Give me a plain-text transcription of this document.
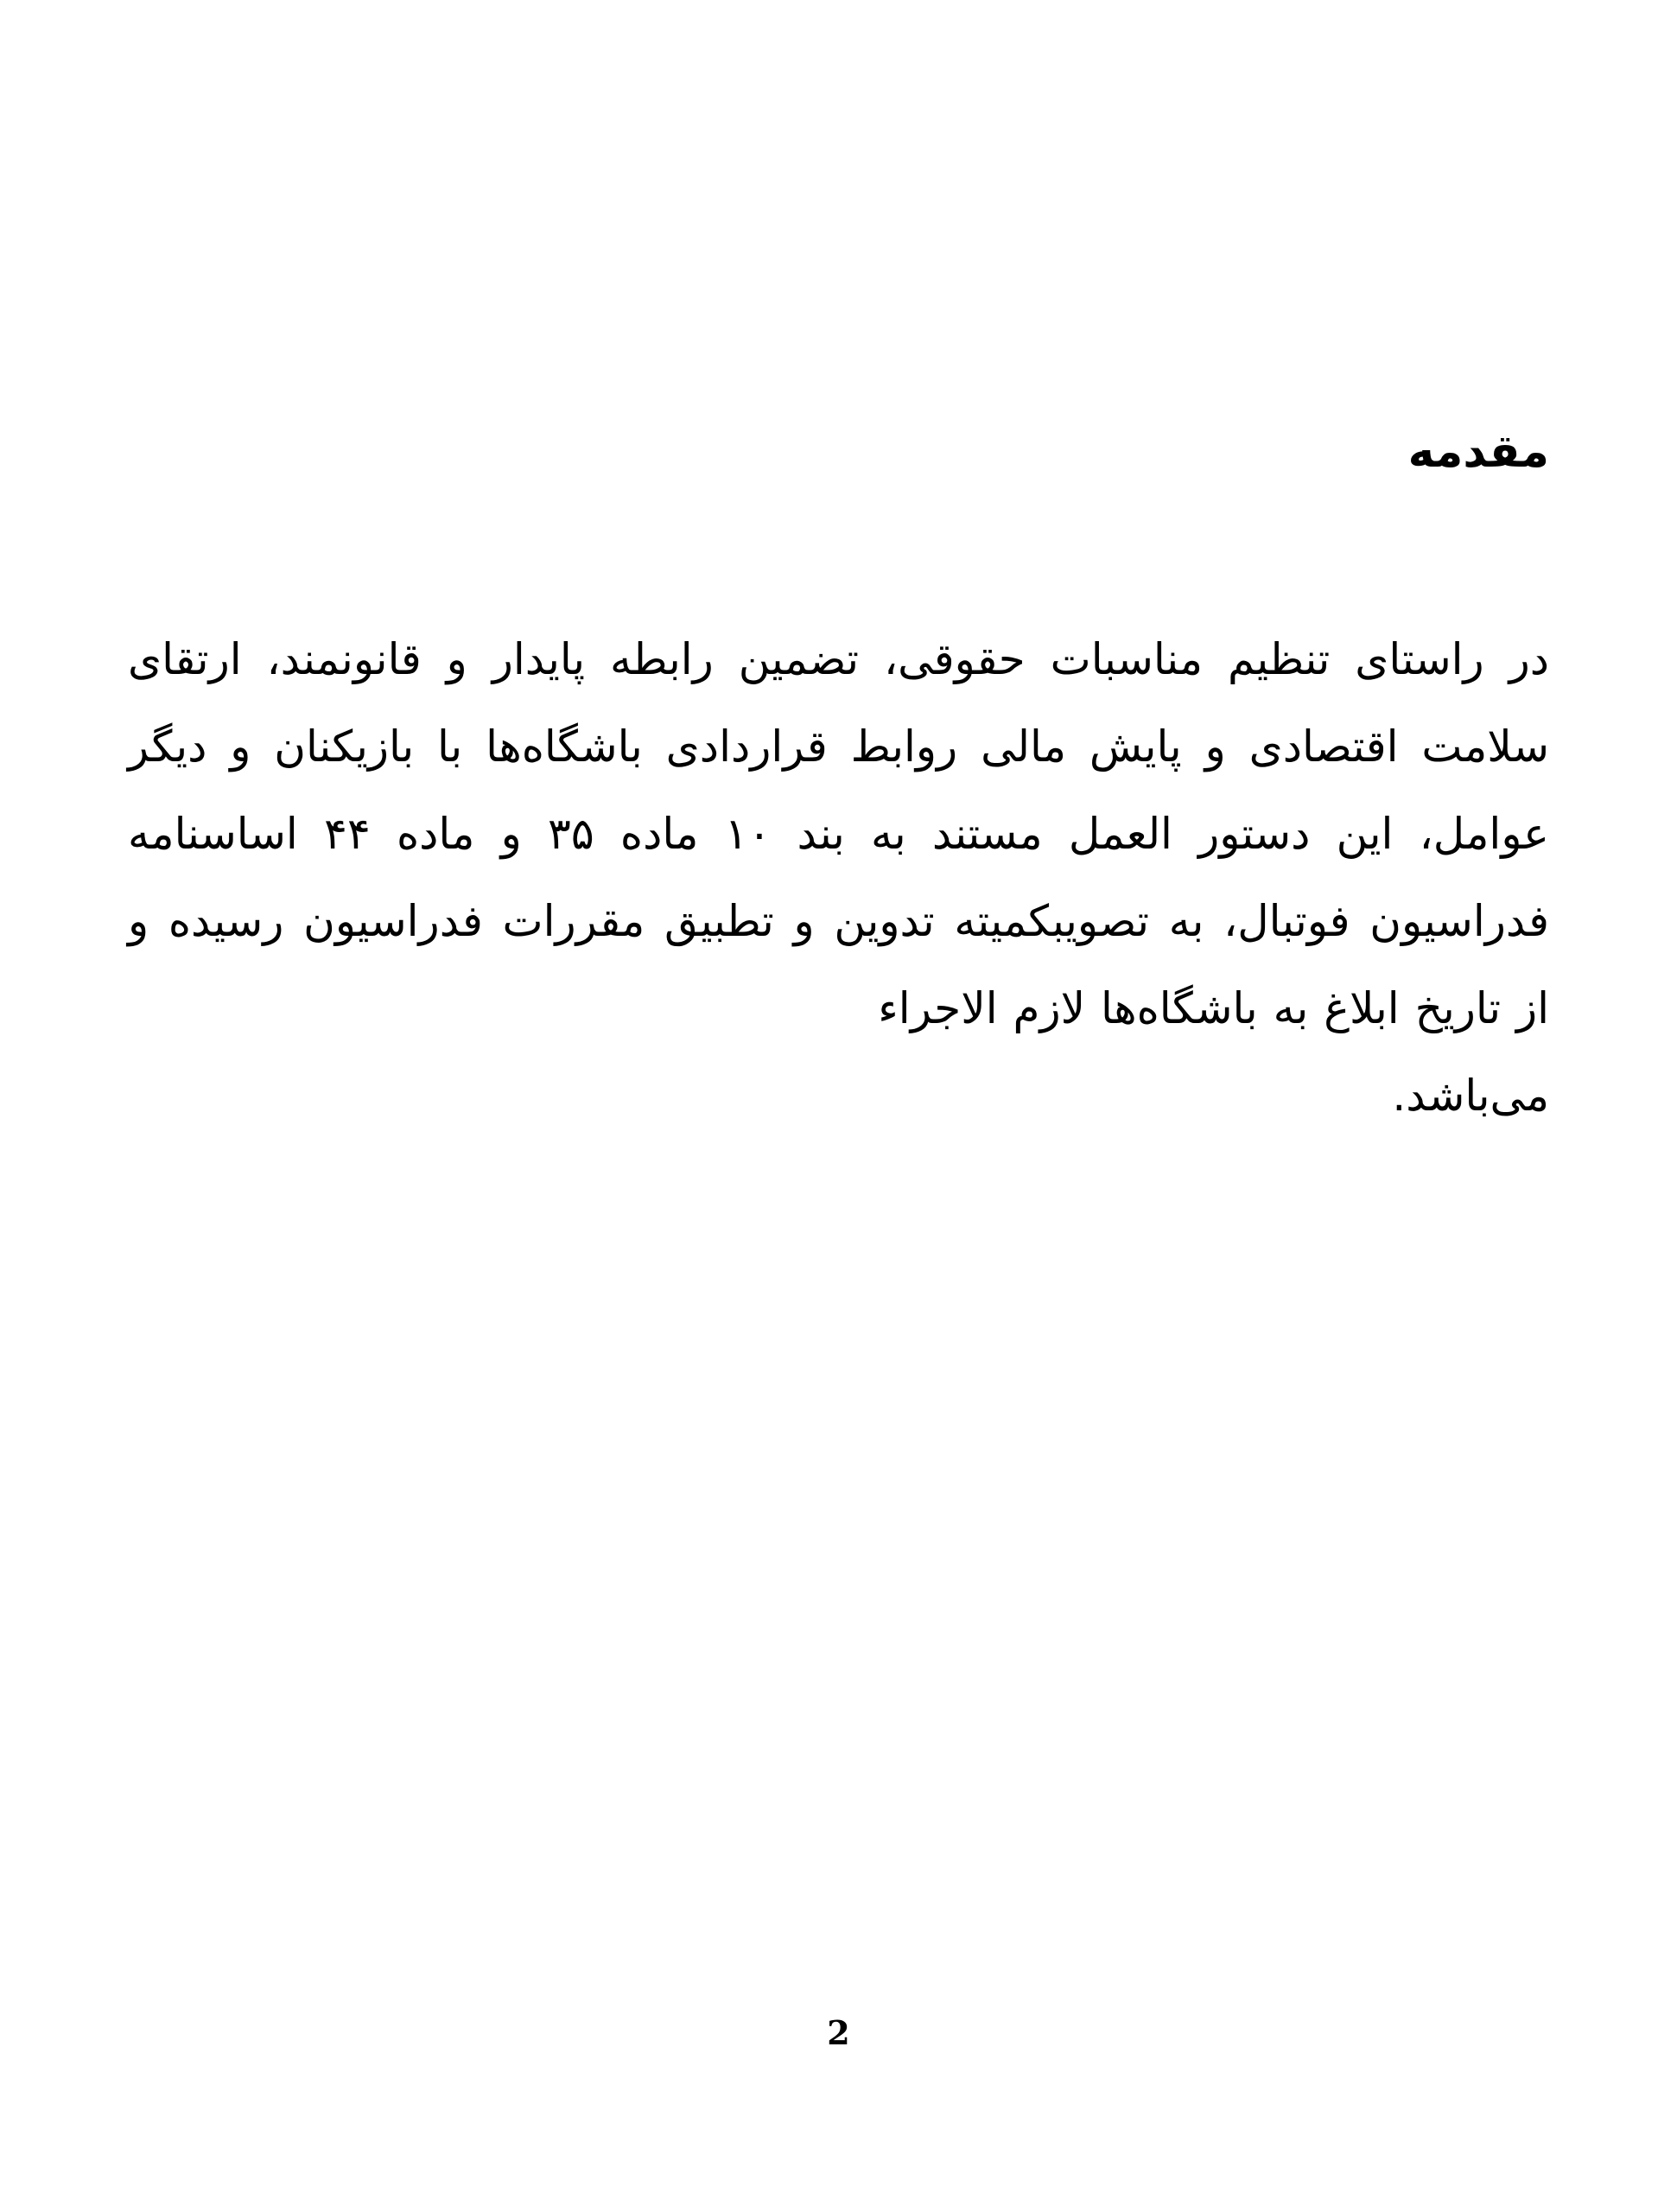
مقدمه

در راستای تنظیم مناسبات حقوقی، تضمین رابطه پایدار و قانونمند، ارتقای سلامت اقتصادی و پایش مالی روابط قراردادی باشگاه‌ها با بازیکنان و دیگر عوامل، این دستور العمل مستند به بند ۱۰ ماده ۳۵ و ماده ۴۴ اساسنامه فدراسیون فوتبال، به تصویبکمیته تدوین و تطبیق مقررات فدراسیون رسیده و از تاریخ ابلاغ به باشگاه‌ها لازم الاجراء

می‌باشد.

2
